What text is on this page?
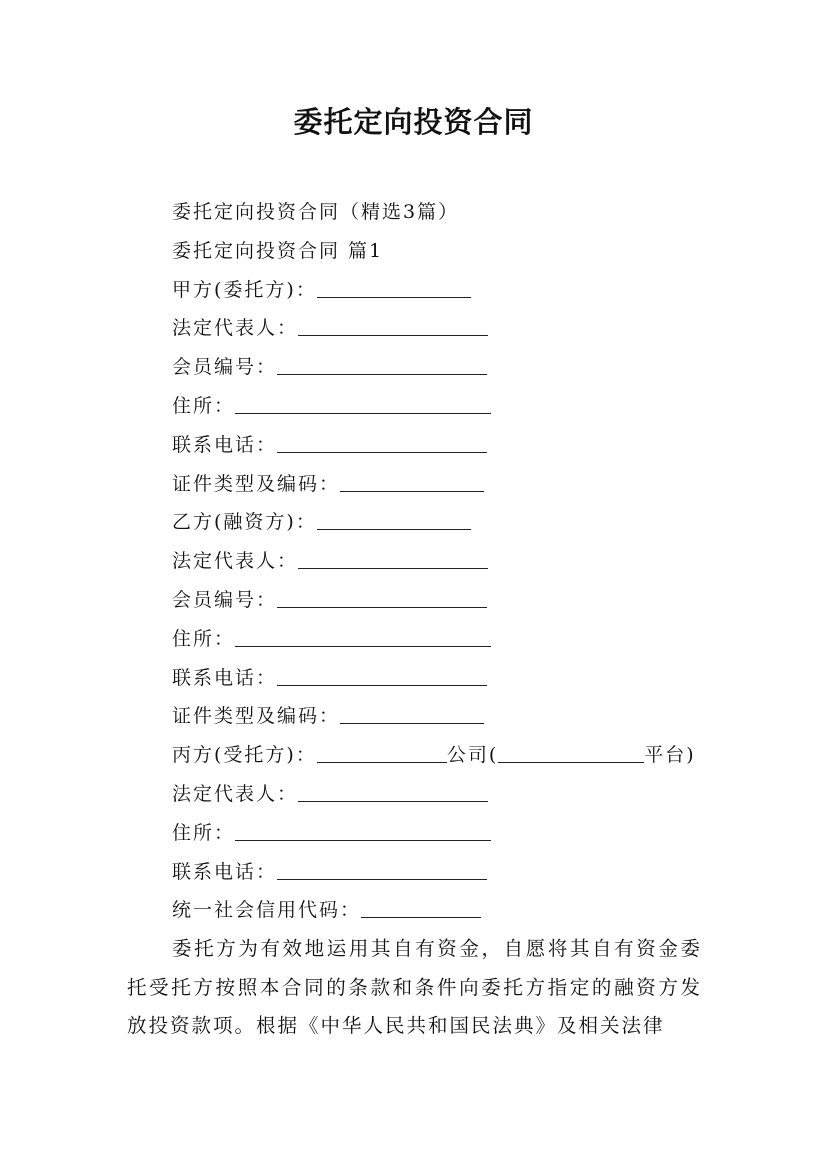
委托定向投资合同
委托定向投资合同（精选3篇）
委托定向投资合同 篇1
甲方(委托方)：
法定代表人：
会员编号：
住所：
联系电话：
证件类型及编码：
乙方(融资方)：
法定代表人：
会员编号：
住所：
联系电话：
证件类型及编码：
丙方(受托方)：	公司(	平台)
法定代表人：
住所：
联系电话：
统一社会信用代码：
委托方为有效地运用其自有资金，自愿将其自有资金委托受托方按照本合同的条款和条件向委托方指定的融资方发放投资款项。根据《中华人民共和国民法典》及相关法律
